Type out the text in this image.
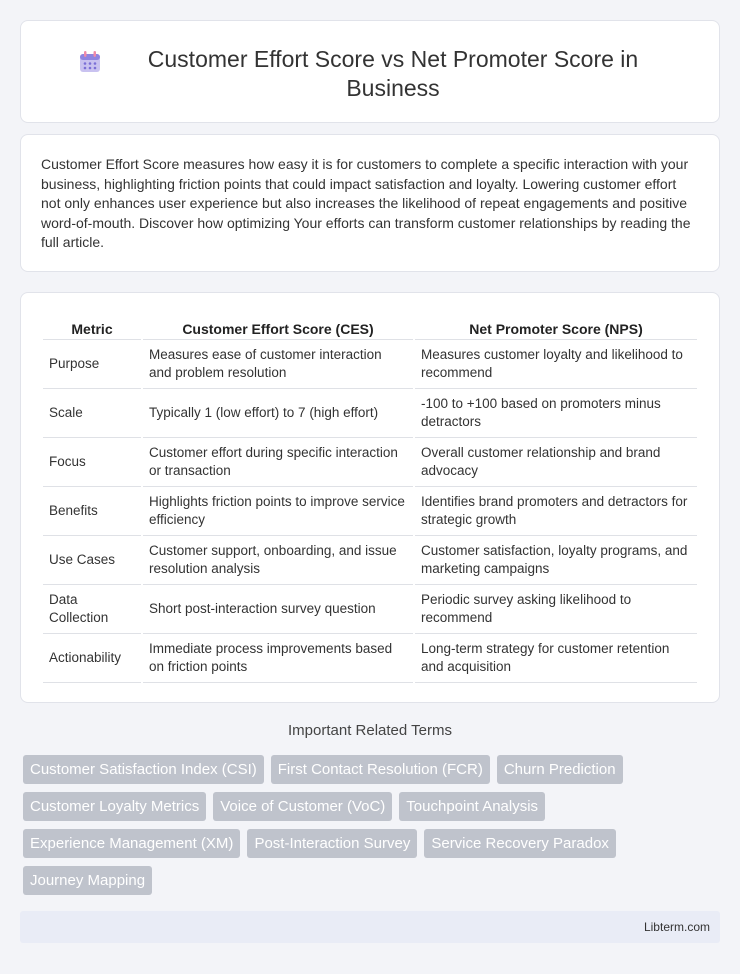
Customer Effort Score vs Net Promoter Score in Business

Customer Effort Score measures how easy it is for customers to complete a specific interaction with your business, highlighting friction points that could impact satisfaction and loyalty. Lowering customer effort not only enhances user experience but also increases the likelihood of repeat engagements and positive word-of-mouth. Discover how optimizing Your efforts can transform customer relationships by reading the full article.

Metric	Customer Effort Score (CES)	Net Promoter Score (NPS)
Purpose	Measures ease of customer interaction and problem resolution	Measures customer loyalty and likelihood to recommend
Scale	Typically 1 (low effort) to 7 (high effort)	-100 to +100 based on promoters minus detractors
Focus	Customer effort during specific interaction or transaction	Overall customer relationship and brand advocacy
Benefits	Highlights friction points to improve service efficiency	Identifies brand promoters and detractors for strategic growth
Use Cases	Customer support, onboarding, and issue resolution analysis	Customer satisfaction, loyalty programs, and marketing campaigns
Data Collection	Short post-interaction survey question	Periodic survey asking likelihood to recommend
Actionability	Immediate process improvements based on friction points	Long-term strategy for customer retention and acquisition
Important Related Terms
Customer Satisfaction Index (CSI)	First Contact Resolution (FCR)	Churn Prediction
Customer Loyalty Metrics	Voice of Customer (VoC)	Touchpoint Analysis
Experience Management (XM)	Post-Interaction Survey	Service Recovery Paradox
Journey Mapping
Libterm.com
